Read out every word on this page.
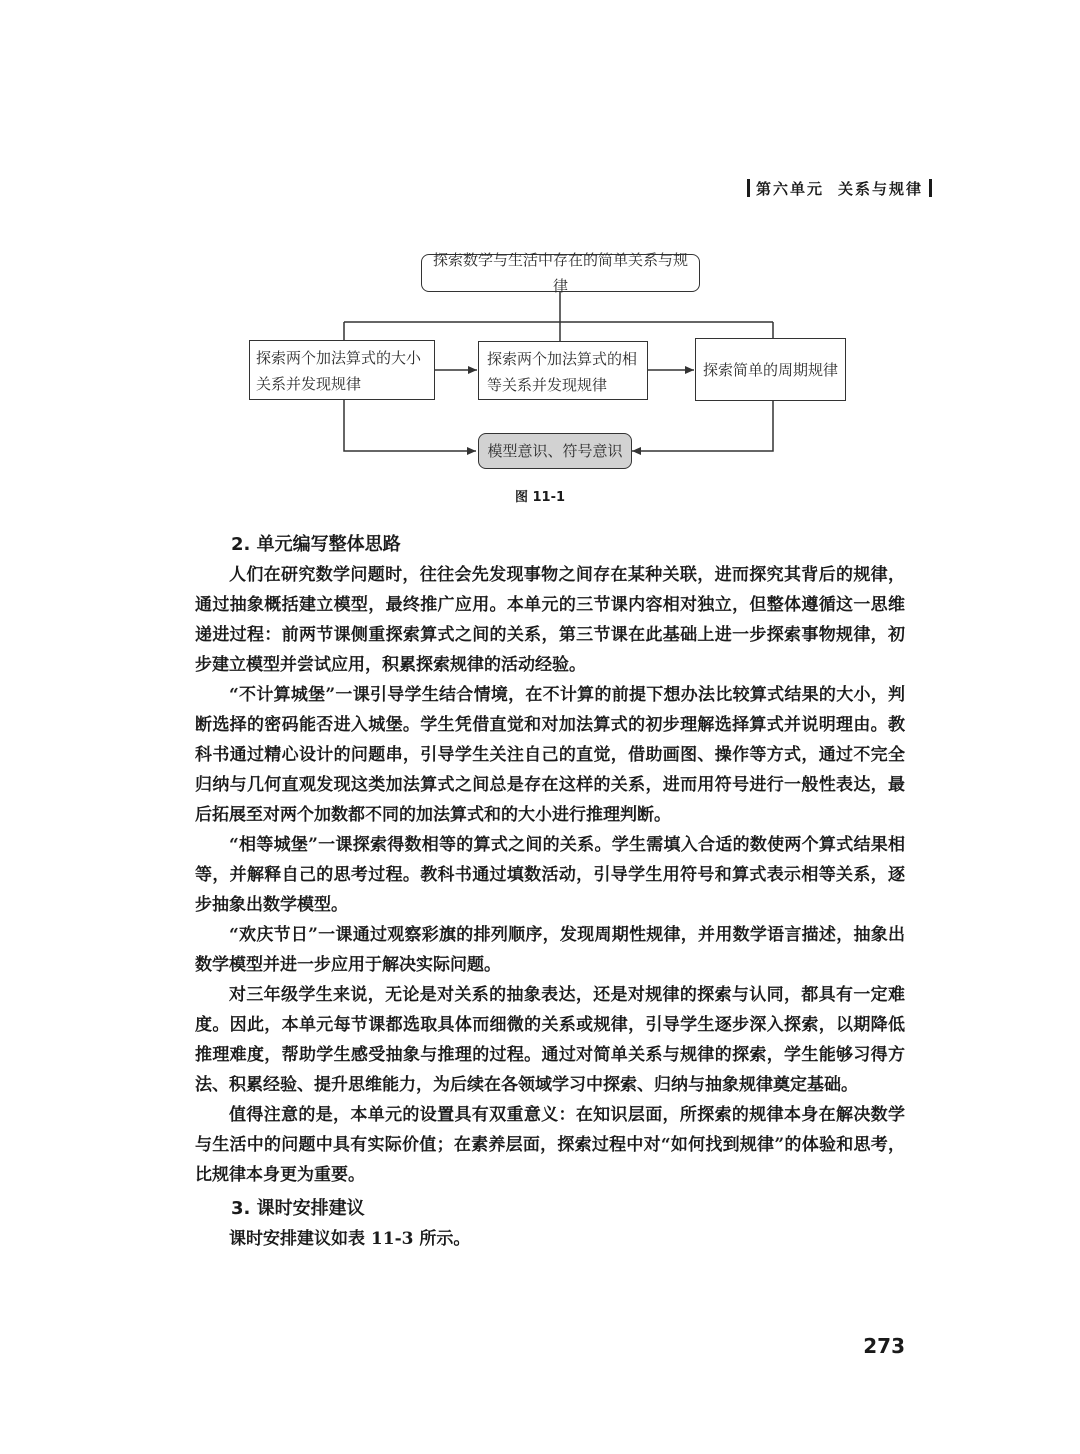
第六单元 关系与规律
探索数学与生活中存在的简单关系与规律
探索两个加法算式的大小关系并发现规律
探索两个加法算式的相等关系并发现规律
探索简单的周期规律
模型意识、符号意识
图 11-1
2. 单元编写整体思路

人们在研究数学问题时，往往会先发现事物之间存在某种关联，进而探究其背后的规律，通过抽象概括建立模型，最终推广应用。本单元的三节课内容相对独立，但整体遵循这一思维递进过程：前两节课侧重探索算式之间的关系，第三节课在此基础上进一步探索事物规律，初步建立模型并尝试应用，积累探索规律的活动经验。

“不计算城堡”一课引导学生结合情境，在不计算的前提下想办法比较算式结果的大小，判断选择的密码能否进入城堡。学生凭借直觉和对加法算式的初步理解选择算式并说明理由。教科书通过精心设计的问题串，引导学生关注自己的直觉，借助画图、操作等方式，通过不完全归纳与几何直观发现这类加法算式之间总是存在这样的关系，进而用符号进行一般性表达，最后拓展至对两个加数都不同的加法算式和的大小进行推理判断。

“相等城堡”一课探索得数相等的算式之间的关系。学生需填入合适的数使两个算式结果相等，并解释自己的思考过程。教科书通过填数活动，引导学生用符号和算式表示相等关系，逐步抽象出数学模型。

“欢庆节日”一课通过观察彩旗的排列顺序，发现周期性规律，并用数学语言描述，抽象出数学模型并进一步应用于解决实际问题。

对三年级学生来说，无论是对关系的抽象表达，还是对规律的探索与认同，都具有一定难度。因此，本单元每节课都选取具体而细微的关系或规律，引导学生逐步深入探索，以期降低推理难度，帮助学生感受抽象与推理的过程。通过对简单关系与规律的探索，学生能够习得方法、积累经验、提升思维能力，为后续在各领域学习中探索、归纳与抽象规律奠定基础。

值得注意的是，本单元的设置具有双重意义：在知识层面，所探索的规律本身在解决数学与生活中的问题中具有实际价值；在素养层面，探索过程中对“如何找到规律”的体验和思考，比规律本身更为重要。

3. 课时安排建议

课时安排建议如表 11-3 所示。

273
